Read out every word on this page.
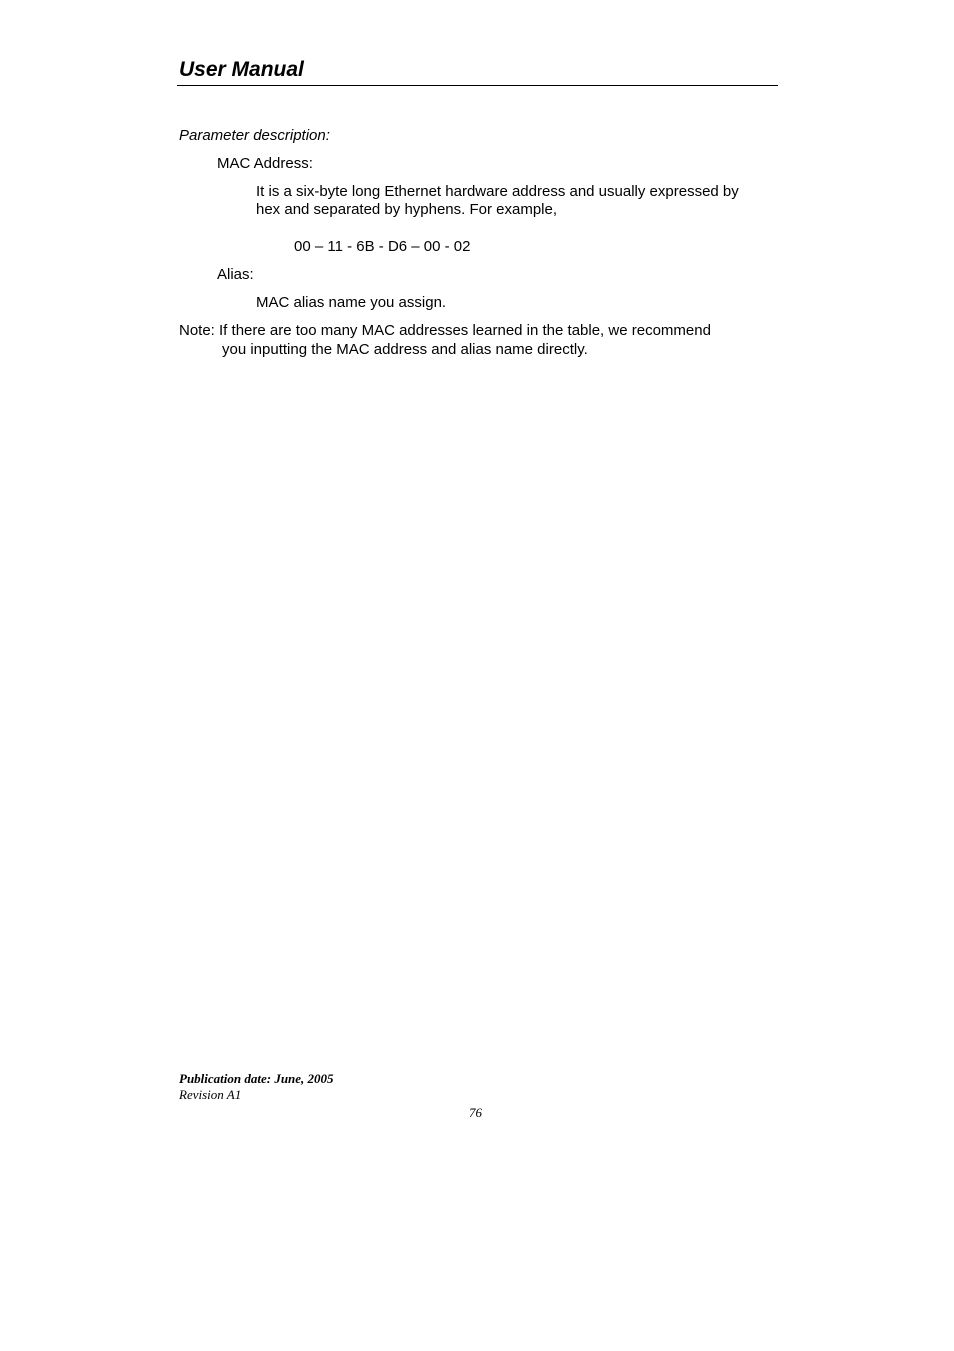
User Manual
Parameter description:
MAC Address:
It is a six-byte long Ethernet hardware address and usually expressed by
hex and separated by hyphens. For example,
00 – 11 - 6B - D6 – 00 - 02
Alias:
MAC alias name you assign.
Note: If there are too many MAC addresses learned in the table, we recommend
you inputting the MAC address and alias name directly.
Publication date: June, 2005
Revision A1
76
